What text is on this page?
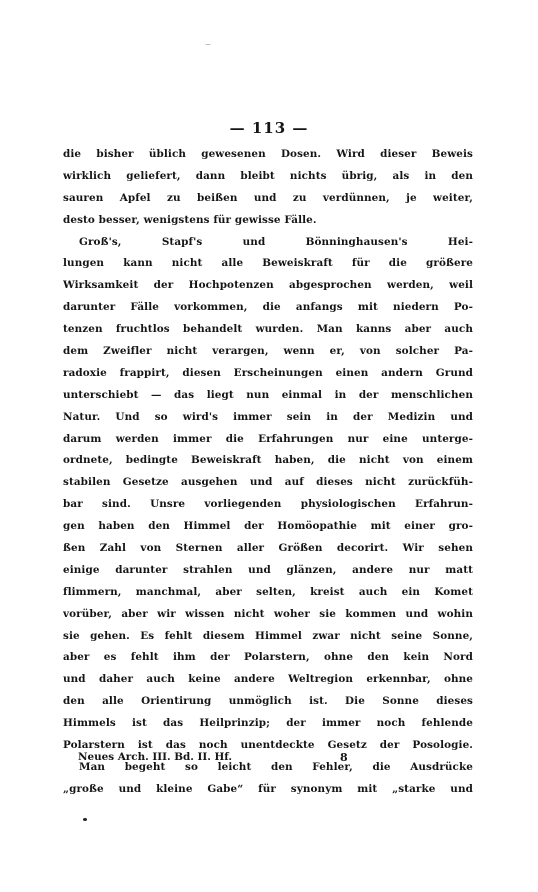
— 113 —
die bisher üblich gewesenen Dosen. Wird dieser Beweis
wirklich geliefert, dann bleibt nichts übrig, als in den
sauren Apfel zu beißen und zu verdünnen, je weiter,
desto besser, wenigstens für gewisse Fälle.
Groß's, Stapf's und Bönninghausen's Hei-
lungen kann nicht alle Beweiskraft für die größere
Wirksamkeit der Hochpotenzen abgesprochen werden, weil
darunter Fälle vorkommen, die anfangs mit niedern Po-
tenzen fruchtlos behandelt wurden. Man kanns aber auch
dem Zweifler nicht verargen, wenn er, von solcher Pa-
radoxie frappirt, diesen Erscheinungen einen andern Grund
unterschiebt — das liegt nun einmal in der menschlichen
Natur. Und so wird's immer sein in der Medizin und
darum werden immer die Erfahrungen nur eine unterge-
ordnete, bedingte Beweiskraft haben, die nicht von einem
stabilen Gesetze ausgehen und auf dieses nicht zurückfüh-
bar sind. Unsre vorliegenden physiologischen Erfahrun-
gen haben den Himmel der Homöopathie mit einer gro-
ßen Zahl von Sternen aller Größen decorirt. Wir sehen
einige darunter strahlen und glänzen, andere nur matt
flimmern, manchmal, aber selten, kreist auch ein Komet
vorüber, aber wir wissen nicht woher sie kommen und wohin
sie gehen. Es fehlt diesem Himmel zwar nicht seine Sonne,
aber es fehlt ihm der Polarstern, ohne den kein Nord
und daher auch keine andere Weltregion erkennbar, ohne
den alle Orientirung unmöglich ist. Die Sonne dieses
Himmels ist das Heilprinzip; der immer noch fehlende
Polarstern ist das noch unentdeckte Gesetz der Posologie.
Man begeht so leicht den Fehler, die Ausdrücke
„große und kleine Gabe“ für synonym mit „starke und
Neues Arch. III. Bd. II. Hf.	8
